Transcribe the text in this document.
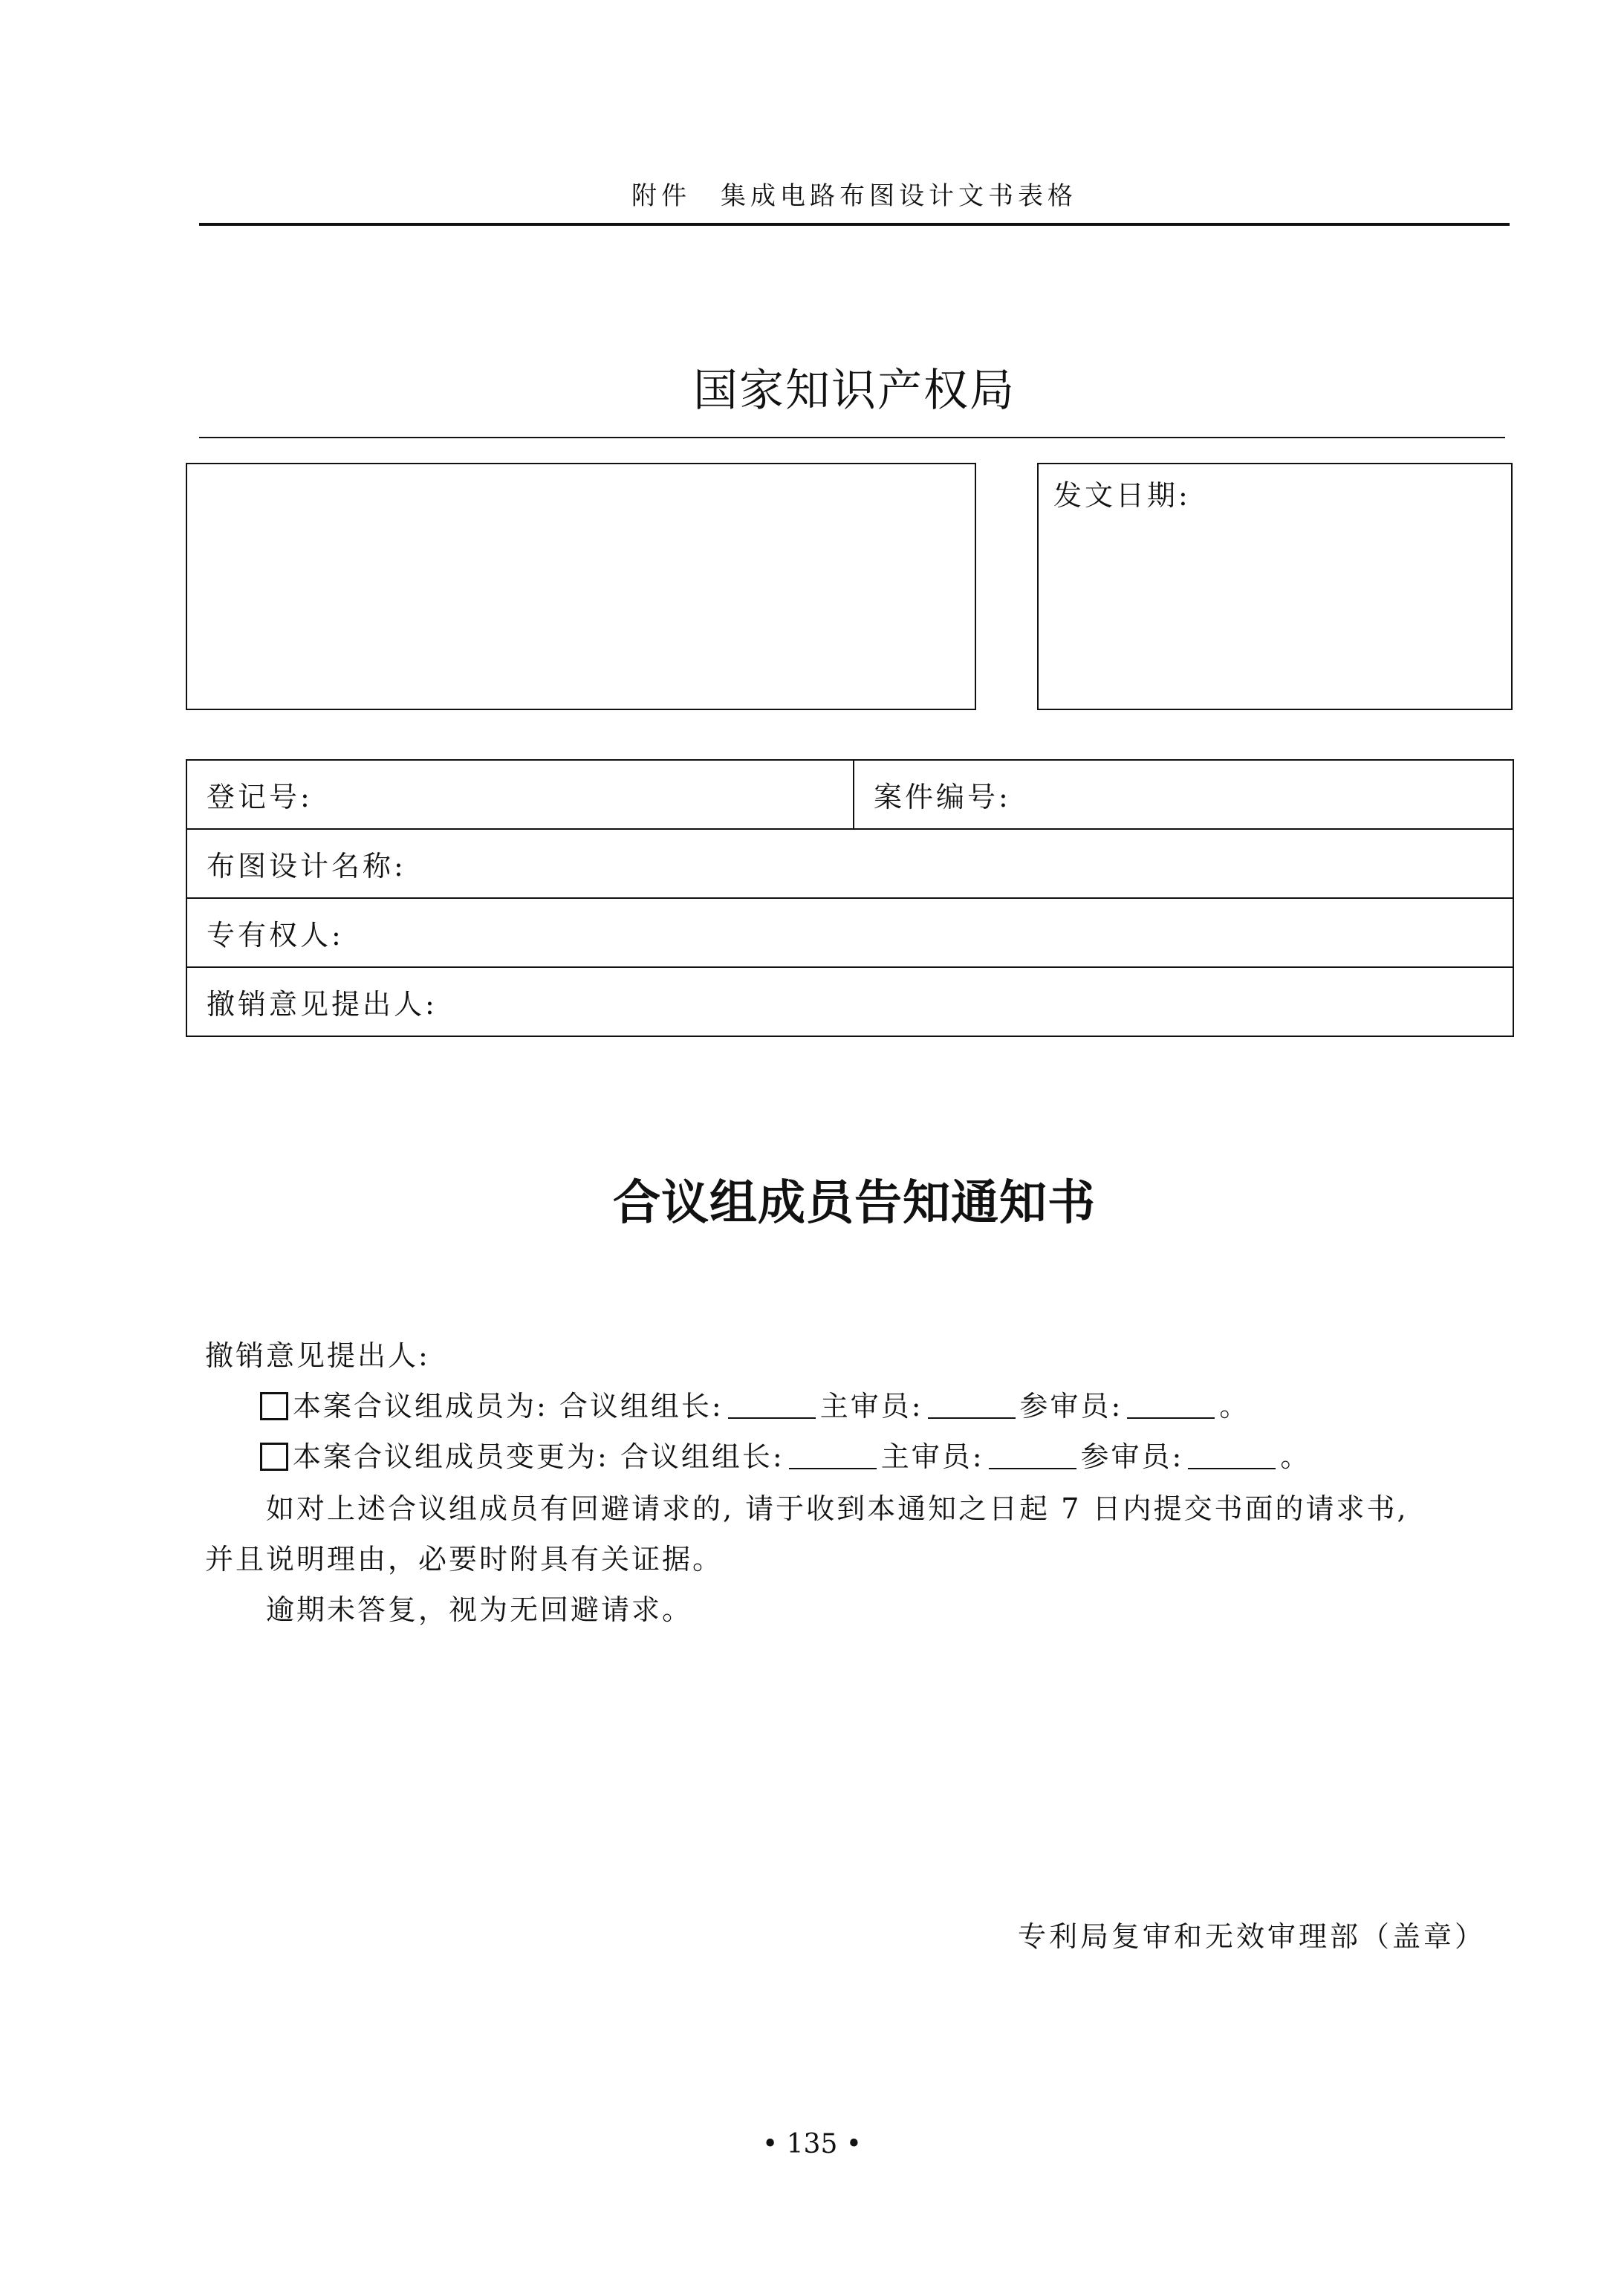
附件　集成电路布图设计文书表格
国家知识产权局
发文日期:
登记号:	案件编号:
布图设计名称:
专有权人:
撤销意见提出人:
合议组成员告知通知书
撤销意见提出人:
本案合议组成员为: 合议组组长:	主审员:	参审员:	。
本案合议组成员变更为: 合议组组长:	主审员:	参审员:	。
如对上述合议组成员有回避请求的, 请于收到本通知之日起 7 日内提交书面的请求书,
并且说明理由，必要时附具有关证据。
逾期未答复，视为无回避请求。
专利局复审和无效审理部（盖章）
• 135 •
